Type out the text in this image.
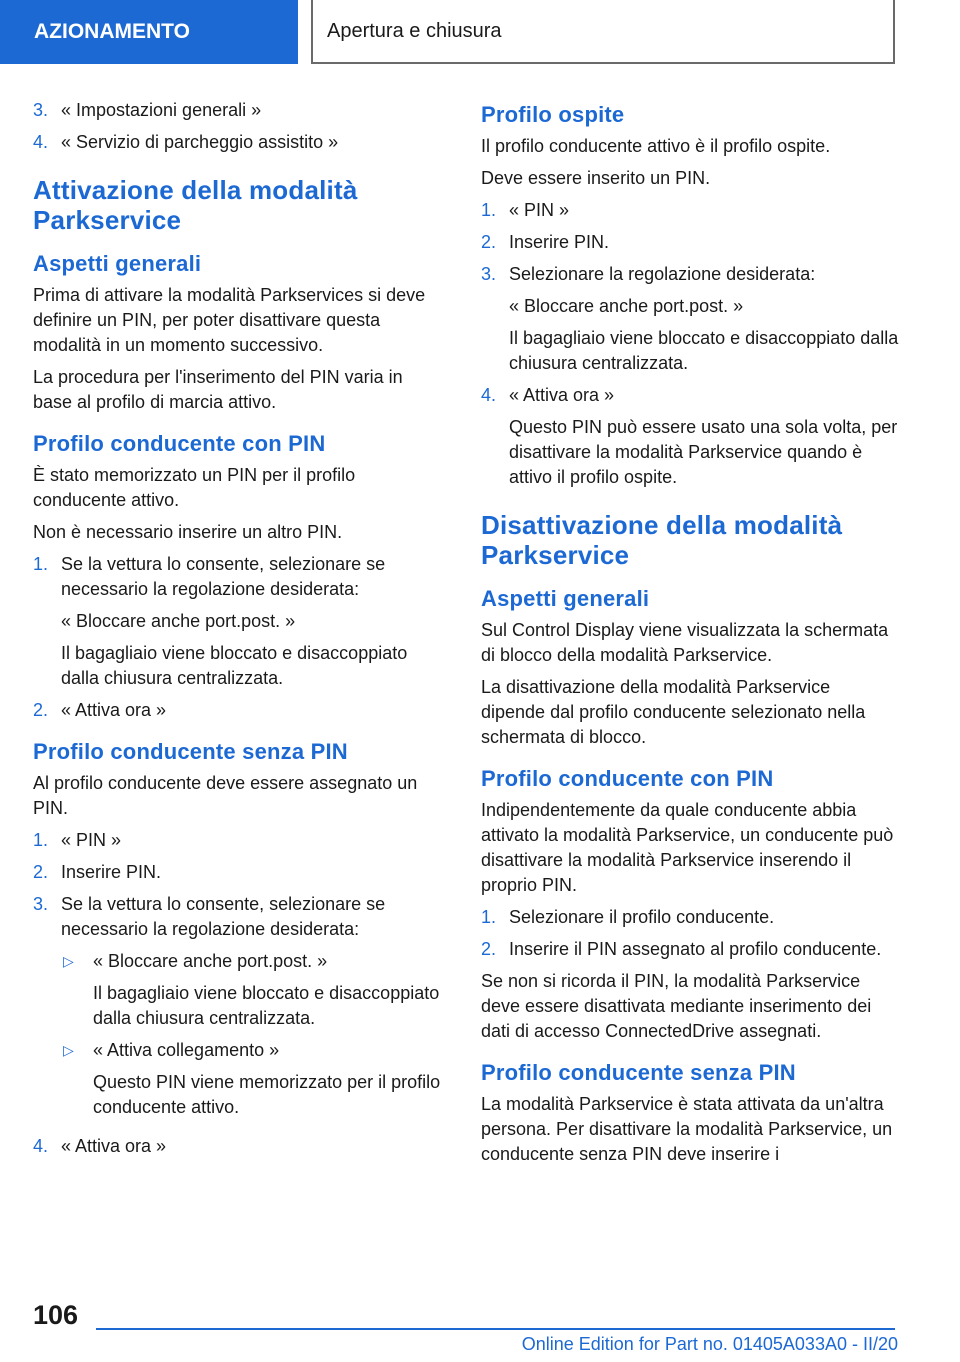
AZIONAMENTO	Apertura e chiusura
3. « Impostazioni generali »
4. « Servizio di parcheggio assistito »
Attivazione della modalità Parkservice
Aspetti generali

Prima di attivare la modalità Parkservices si deve definire un PIN, per poter disattivare questa modalità in un momento successivo.

La procedura per l'inserimento del PIN varia in base al profilo di marcia attivo.

Profilo conducente con PIN

È stato memorizzato un PIN per il profilo conducente attivo.

Non è necessario inserire un altro PIN.

1. Se la vettura lo consente, selezionare se necessario la regolazione desiderata:

« Bloccare anche port.post. »

Il bagagliaio viene bloccato e disaccoppiato dalla chiusura centralizzata.

2. « Attiva ora »
Profilo conducente senza PIN

Al profilo conducente deve essere assegnato un PIN.

1. « PIN »
2. Inserire PIN.
3. Se la vettura lo consente, selezionare se necessario la regolazione desiderata:

▷	« Bloccare anche port.post. »

Il bagagliaio viene bloccato e disaccoppiato dalla chiusura centralizzata.

▷	« Attiva collegamento »

Questo PIN viene memorizzato per il profilo conducente attivo.

4. « Attiva ora »
Profilo ospite

Il profilo conducente attivo è il profilo ospite.

Deve essere inserito un PIN.

1. « PIN »
2. Inserire PIN.
3. Selezionare la regolazione desiderata:

« Bloccare anche port.post. »

Il bagagliaio viene bloccato e disaccoppiato dalla chiusura centralizzata.

4. « Attiva ora »

Questo PIN può essere usato una sola volta, per disattivare la modalità Parkservice quando è attivo il profilo ospite.

Disattivazione della modalità Parkservice
Aspetti generali

Sul Control Display viene visualizzata la schermata di blocco della modalità Parkservice.

La disattivazione della modalità Parkservice dipende dal profilo conducente selezionato nella schermata di blocco.

Profilo conducente con PIN

Indipendentemente da quale conducente abbia attivato la modalità Parkservice, un conducente può disattivare la modalità Parkservice inserendo il proprio PIN.

1. Selezionare il profilo conducente.
2. Inserire il PIN assegnato al profilo conducente.

Se non si ricorda il PIN, la modalità Parkservice deve essere disattivata mediante inserimento dei dati di accesso ConnectedDrive assegnati.

Profilo conducente senza PIN

La modalità Parkservice è stata attivata da un'altra persona. Per disattivare la modalità Parkservice, un conducente senza PIN deve inserire i

106
Online Edition for Part no. 01405A033A0 - II/20
